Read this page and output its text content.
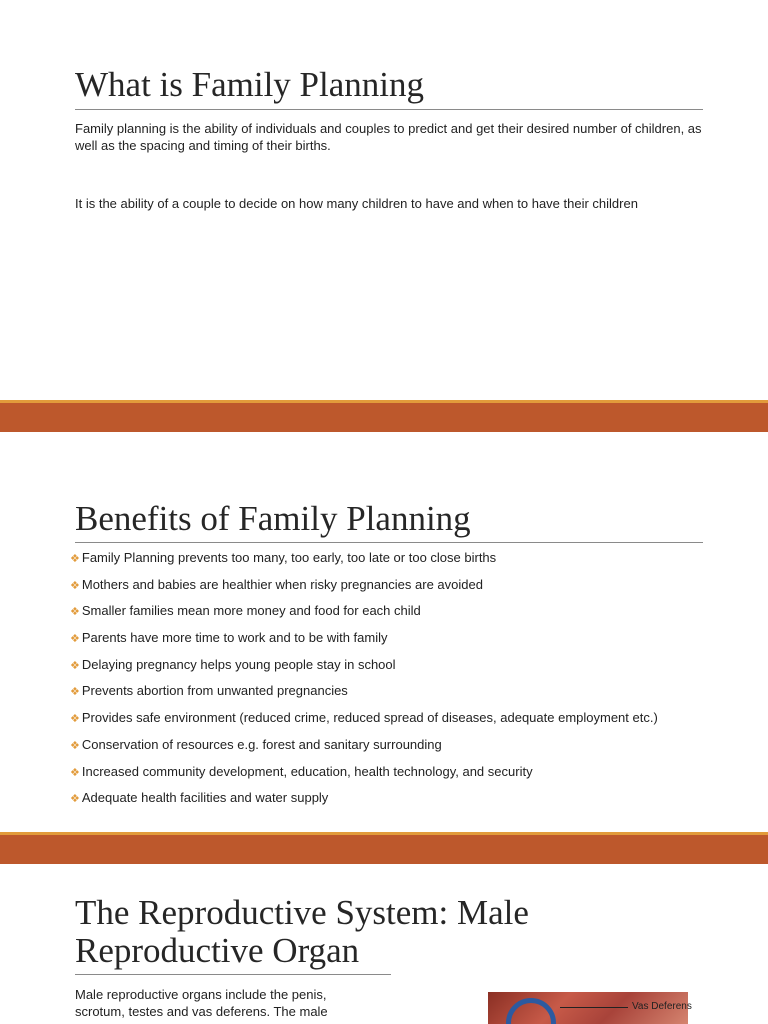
What is Family Planning

Family planning is the ability of individuals and couples to predict and get their desired number of children, as well as the spacing and timing of their births.

It is the ability of a couple to decide on how many children to have and when to have their children

Benefits of Family Planning
❖ Family Planning prevents too many, too early, too late or too close births
❖ Mothers and babies are healthier when risky pregnancies are avoided
❖ Smaller families mean more money and food for each child
❖ Parents have more time to work and to be with family
❖ Delaying pregnancy helps young people stay in school
❖ Prevents abortion from unwanted pregnancies
❖ Provides safe environment (reduced crime, reduced spread of diseases, adequate employment etc.)
❖ Conservation of resources e.g. forest and sanitary surrounding
❖ Increased community development, education, health technology, and security
❖ Adequate health facilities and water supply
The Reproductive System: Male
Reproductive Organ

Male reproductive organs include the penis, scrotum, testes and vas deferens. The male	Vas Deferens
